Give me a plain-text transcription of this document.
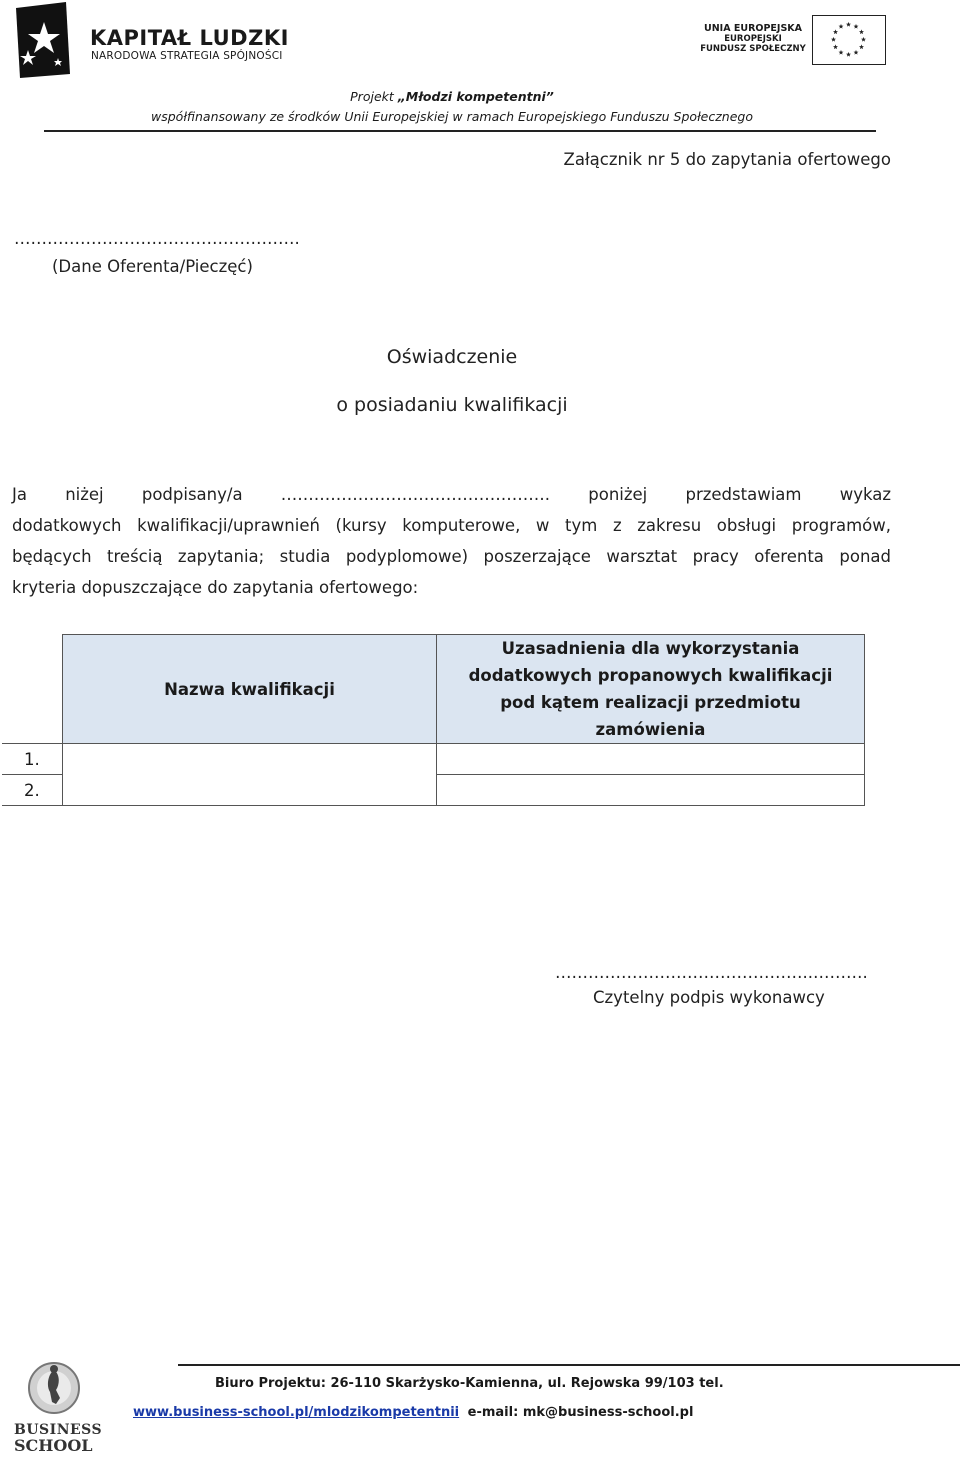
KAPITAŁ LUDZKI
NARODOWA STRATEGIA SPÓJNOŚCI
UNIA EUROPEJSKA
EUROPEJSKI
FUNDUSZ SPOŁECZNY
Projekt „Młodzi kompetentni”
współfinansowany ze środków Unii Europejskiej w ramach Europejskiego Funduszu Społecznego
Załącznik nr 5 do zapytania ofertowego
…………………………………………….
(Dane Oferenta/Pieczęć)
Oświadczenie
o posiadaniu kwalifikacji
Ja niżej podpisany/a …………………………………………. poniżej przedstawiam wykaz
dodatkowych kwalifikacji/uprawnień (kursy komputerowe, w tym z zakresu obsługi programów,
będących treścią zapytania; studia podyplomowe) poszerzające warsztat pracy oferenta ponad
kryteria dopuszczające do zapytania ofertowego:
	Nazwa kwalifikacji	Uzasadnienia dla wykorzystania dodatkowych propanowych kwalifikacji pod kątem realizacji przedmiotu zamówienia
1.		
2.		
………………………………………..……….
Czytelny podpis wykonawcy
BUSINESS
SCHOOL
Biuro Projektu: 26-110 Skarżysko-Kamienna, ul. Rejowska 99/103 tel.
www.business-school.pl/mlodzikompetentnii e-mail: mk@business-school.pl
